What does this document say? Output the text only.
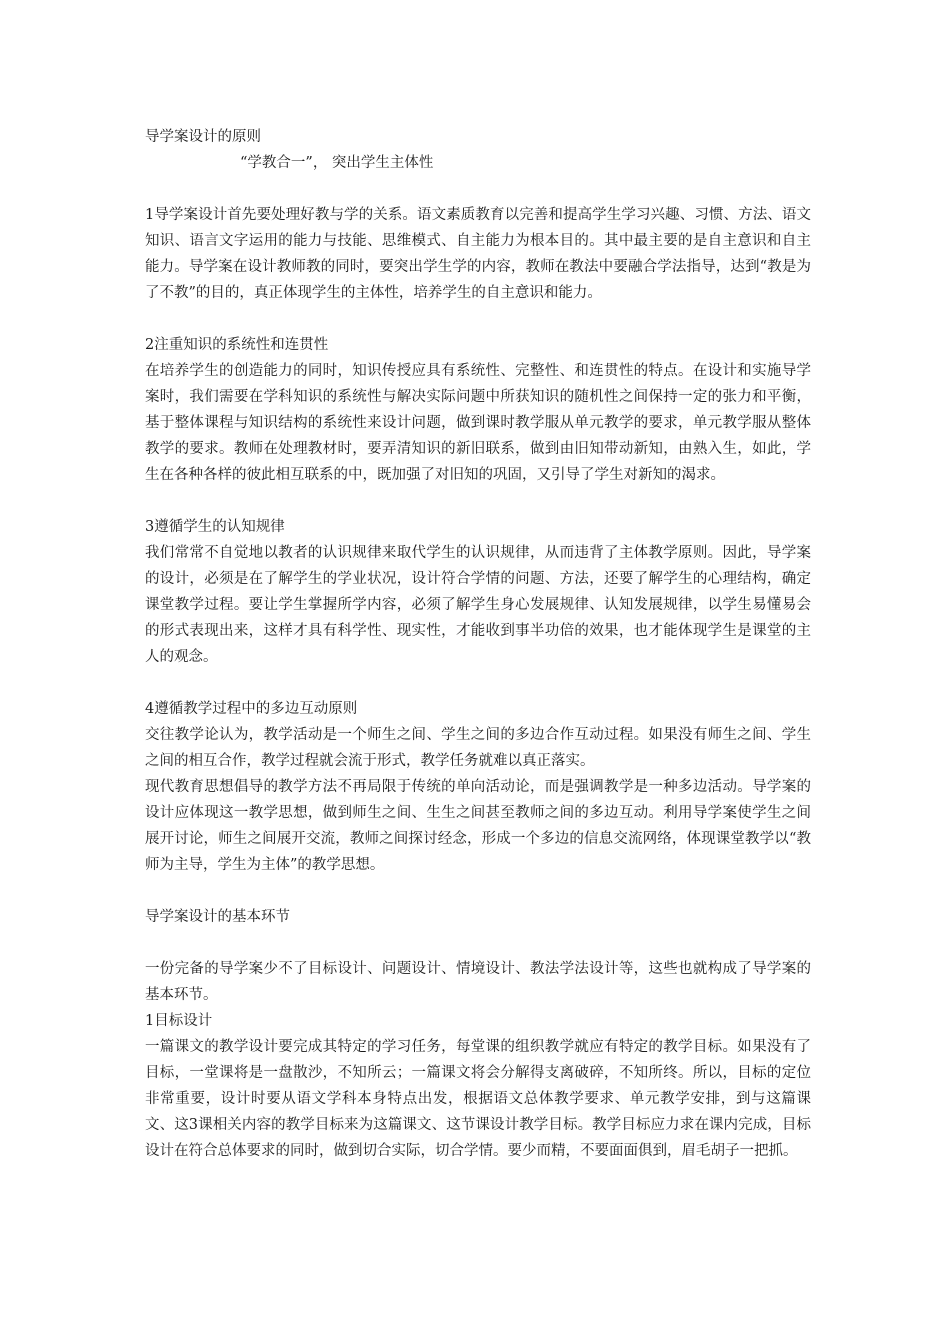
导学案设计的原则
“学教合一”， 突出学生主体性

1导学案设计首先要处理好教与学的关系。语文素质教育以完善和提高学生学习兴趣、习惯、方法、语文知识、语言文字运用的能力与技能、思维模式、自主能力为根本目的。其中最主要的是自主意识和自主能力。导学案在设计教师教的同时，要突出学生学的内容，教师在教法中要融合学法指导，达到“教是为了不教”的目的，真正体现学生的主体性，培养学生的自主意识和能力。

2注重知识的系统性和连贯性

在培养学生的创造能力的同时，知识传授应具有系统性、完整性、和连贯性的特点。在设计和实施导学案时，我们需要在学科知识的系统性与解决实际问题中所获知识的随机性之间保持一定的张力和平衡，基于整体课程与知识结构的系统性来设计问题，做到课时教学服从单元教学的要求，单元教学服从整体教学的要求。教师在处理教材时，要弄清知识的新旧联系，做到由旧知带动新知，由熟入生，如此，学生在各种各样的彼此相互联系的中，既加强了对旧知的巩固，又引导了学生对新知的渴求。

3遵循学生的认知规律

我们常常不自觉地以教者的认识规律来取代学生的认识规律，从而违背了主体教学原则。因此，导学案的设计，必须是在了解学生的学业状况，设计符合学情的问题、方法，还要了解学生的心理结构，确定课堂教学过程。要让学生掌握所学内容，必须了解学生身心发展规律、认知发展规律，以学生易懂易会的形式表现出来，这样才具有科学性、现实性，才能收到事半功倍的效果，也才能体现学生是课堂的主人的观念。

4遵循教学过程中的多边互动原则

交往教学论认为，教学活动是一个师生之间、学生之间的多边合作互动过程。如果没有师生之间、学生之间的相互合作，教学过程就会流于形式，教学任务就难以真正落实。

现代教育思想倡导的教学方法不再局限于传统的单向活动论，而是强调教学是一种多边活动。导学案的设计应体现这一教学思想，做到师生之间、生生之间甚至教师之间的多边互动。利用导学案使学生之间展开讨论，师生之间展开交流，教师之间探讨经念，形成一个多边的信息交流网络，体现课堂教学以“教师为主导，学生为主体”的教学思想。

导学案设计的基本环节

一份完备的导学案少不了目标设计、问题设计、情境设计、教法学法设计等，这些也就构成了导学案的基本环节。

1目标设计

一篇课文的教学设计要完成其特定的学习任务，每堂课的组织教学就应有特定的教学目标。如果没有了目标，一堂课将是一盘散沙，不知所云；一篇课文将会分解得支离破碎，不知所终。所以，目标的定位非常重要，设计时要从语文学科本身特点出发，根据语文总体教学要求、单元教学安排，到与这篇课文、这3课相关内容的教学目标来为这篇课文、这节课设计教学目标。教学目标应力求在课内完成，目标设计在符合总体要求的同时，做到切合实际，切合学情。要少而精，不要面面俱到，眉毛胡子一把抓。
